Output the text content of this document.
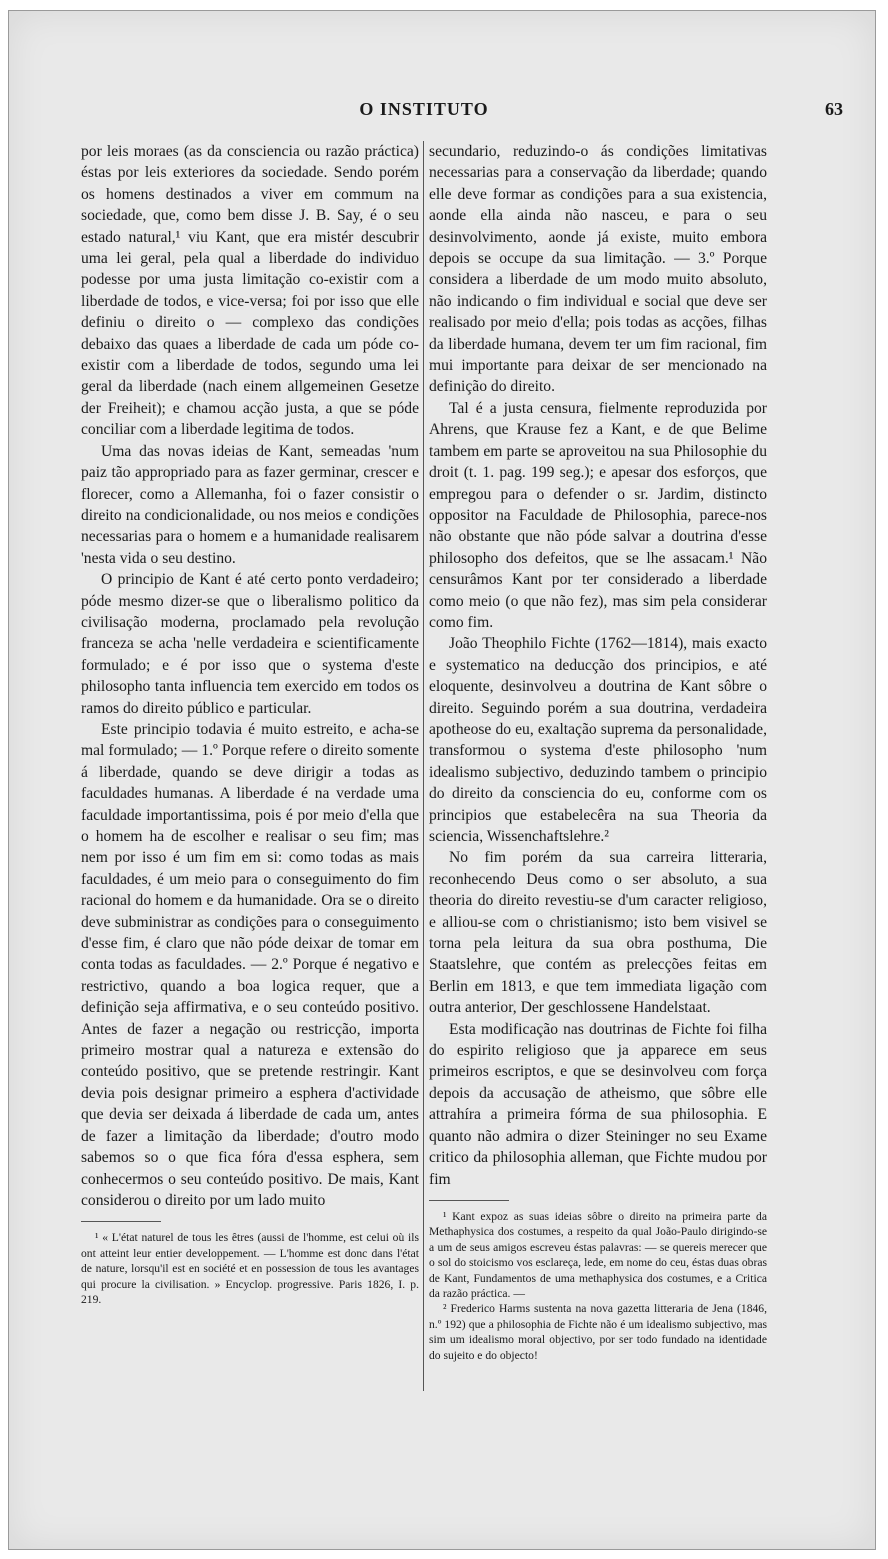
O INSTITUTO	63

por leis moraes (as da consciencia ou razão práctica) éstas por leis exteriores da sociedade. Sendo porém os homens destinados a viver em commum na sociedade, que, como bem disse J. B. Say, é o seu estado natural,¹ viu Kant, que era mistér descubrir uma lei geral, pela qual a liberdade do individuo podesse por uma justa limitação co-existir com a liberdade de todos, e vice-versa; foi por isso que elle definiu o direito o — complexo das condições debaixo das quaes a liberdade de cada um póde co-existir com a liberdade de todos, segundo uma lei geral da liberdade (nach einem allgemeinen Gesetze der Freiheit); e chamou acção justa, a que se póde conciliar com a liberdade legitima de todos.

Uma das novas ideias de Kant, semeadas 'num paiz tão appropriado para as fazer germinar, crescer e florecer, como a Allemanha, foi o fazer consistir o direito na condicionalidade, ou nos meios e condições necessarias para o homem e a humanidade realisarem 'nesta vida o seu destino.

O principio de Kant é até certo ponto verdadeiro; póde mesmo dizer-se que o liberalismo politico da civilisação moderna, proclamado pela revolução franceza se acha 'nelle verdadeira e scientificamente formulado; e é por isso que o systema d'este philosopho tanta influencia tem exercido em todos os ramos do direito público e particular.

Este principio todavia é muito estreito, e acha-se mal formulado; — 1.º Porque refere o direito somente á liberdade, quando se deve dirigir a todas as faculdades humanas. A liberdade é na verdade uma faculdade importantissima, pois é por meio d'ella que o homem ha de escolher e realisar o seu fim; mas nem por isso é um fim em si: como todas as mais faculdades, é um meio para o conseguimento do fim racional do homem e da humanidade. Ora se o direito deve subministrar as condições para o conseguimento d'esse fim, é claro que não póde deixar de tomar em conta todas as faculdades. — 2.º Porque é negativo e restrictivo, quando a boa logica requer, que a definição seja affirmativa, e o seu conteúdo positivo. Antes de fazer a negação ou restricção, importa primeiro mostrar qual a natureza e extensão do conteúdo positivo, que se pretende restringir. Kant devia pois designar primeiro a esphera d'actividade que devia ser deixada á liberdade de cada um, antes de fazer a limitação da liberdade; d'outro modo sabemos so o que fica fóra d'essa esphera, sem conhecermos o seu conteúdo positivo. De mais, Kant considerou o direito por um lado muito

¹ « L'état naturel de tous les êtres (aussi de l'homme, est celui où ils ont atteint leur entier developpement. — L'homme est donc dans l'état de nature, lorsqu'il est en société et en possession de tous les avantages qui procure la civilisation. » Encyclop. progressive. Paris 1826, I. p. 219.

secundario, reduzindo-o ás condições limitativas necessarias para a conservação da liberdade; quando elle deve formar as condições para a sua existencia, aonde ella ainda não nasceu, e para o seu desinvolvimento, aonde já existe, muito embora depois se occupe da sua limitação. — 3.º Porque considera a liberdade de um modo muito absoluto, não indicando o fim individual e social que deve ser realisado por meio d'ella; pois todas as acções, filhas da liberdade humana, devem ter um fim racional, fim mui importante para deixar de ser mencionado na definição do direito.

Tal é a justa censura, fielmente reproduzida por Ahrens, que Krause fez a Kant, e de que Belime tambem em parte se aproveitou na sua Philosophie du droit (t. 1. pag. 199 seg.); e apesar dos esforços, que empregou para o defender o sr. Jardim, distincto oppositor na Faculdade de Philosophia, parece-nos não obstante que não póde salvar a doutrina d'esse philosopho dos defeitos, que se lhe assacam.¹ Não censurâmos Kant por ter considerado a liberdade como meio (o que não fez), mas sim pela considerar como fim.

João Theophilo Fichte (1762—1814), mais exacto e systematico na deducção dos principios, e até eloquente, desinvolveu a doutrina de Kant sôbre o direito. Seguindo porém a sua doutrina, verdadeira apotheose do eu, exaltação suprema da personalidade, transformou o systema d'este philosopho 'num idealismo subjectivo, deduzindo tambem o principio do direito da consciencia do eu, conforme com os principios que estabelecêra na sua Theoria da sciencia, Wissenchaftslehre.²

No fim porém da sua carreira litteraria, reconhecendo Deus como o ser absoluto, a sua theoria do direito revestiu-se d'um caracter religioso, e alliou-se com o christianismo; isto bem visivel se torna pela leitura da sua obra posthuma, Die Staatslehre, que contém as prelecções feitas em Berlin em 1813, e que tem immediata ligação com outra anterior, Der geschlossene Handelstaat.

Esta modificação nas doutrinas de Fichte foi filha do espirito religioso que ja apparece em seus primeiros escriptos, e que se desinvolveu com força depois da accusação de atheismo, que sôbre elle attrahíra a primeira fórma de sua philosophia. E quanto não admira o dizer Steininger no seu Exame critico da philosophia alleman, que Fichte mudou por fim

¹ Kant expoz as suas ideias sôbre o direito na primeira parte da Methaphysica dos costumes, a respeito da qual João-Paulo dirigindo-se a um de seus amigos escreveu éstas palavras: — se quereis merecer que o sol do stoicismo vos esclareça, lede, em nome do ceu, éstas duas obras de Kant, Fundamentos de uma methaphysica dos costumes, e a Critica da razão práctica. —

² Frederico Harms sustenta na nova gazetta litteraria de Jena (1846, n.º 192) que a philosophia de Fichte não é um idealismo subjectivo, mas sim um idealismo moral objectivo, por ser todo fundado na identidade do sujeito e do objecto!
